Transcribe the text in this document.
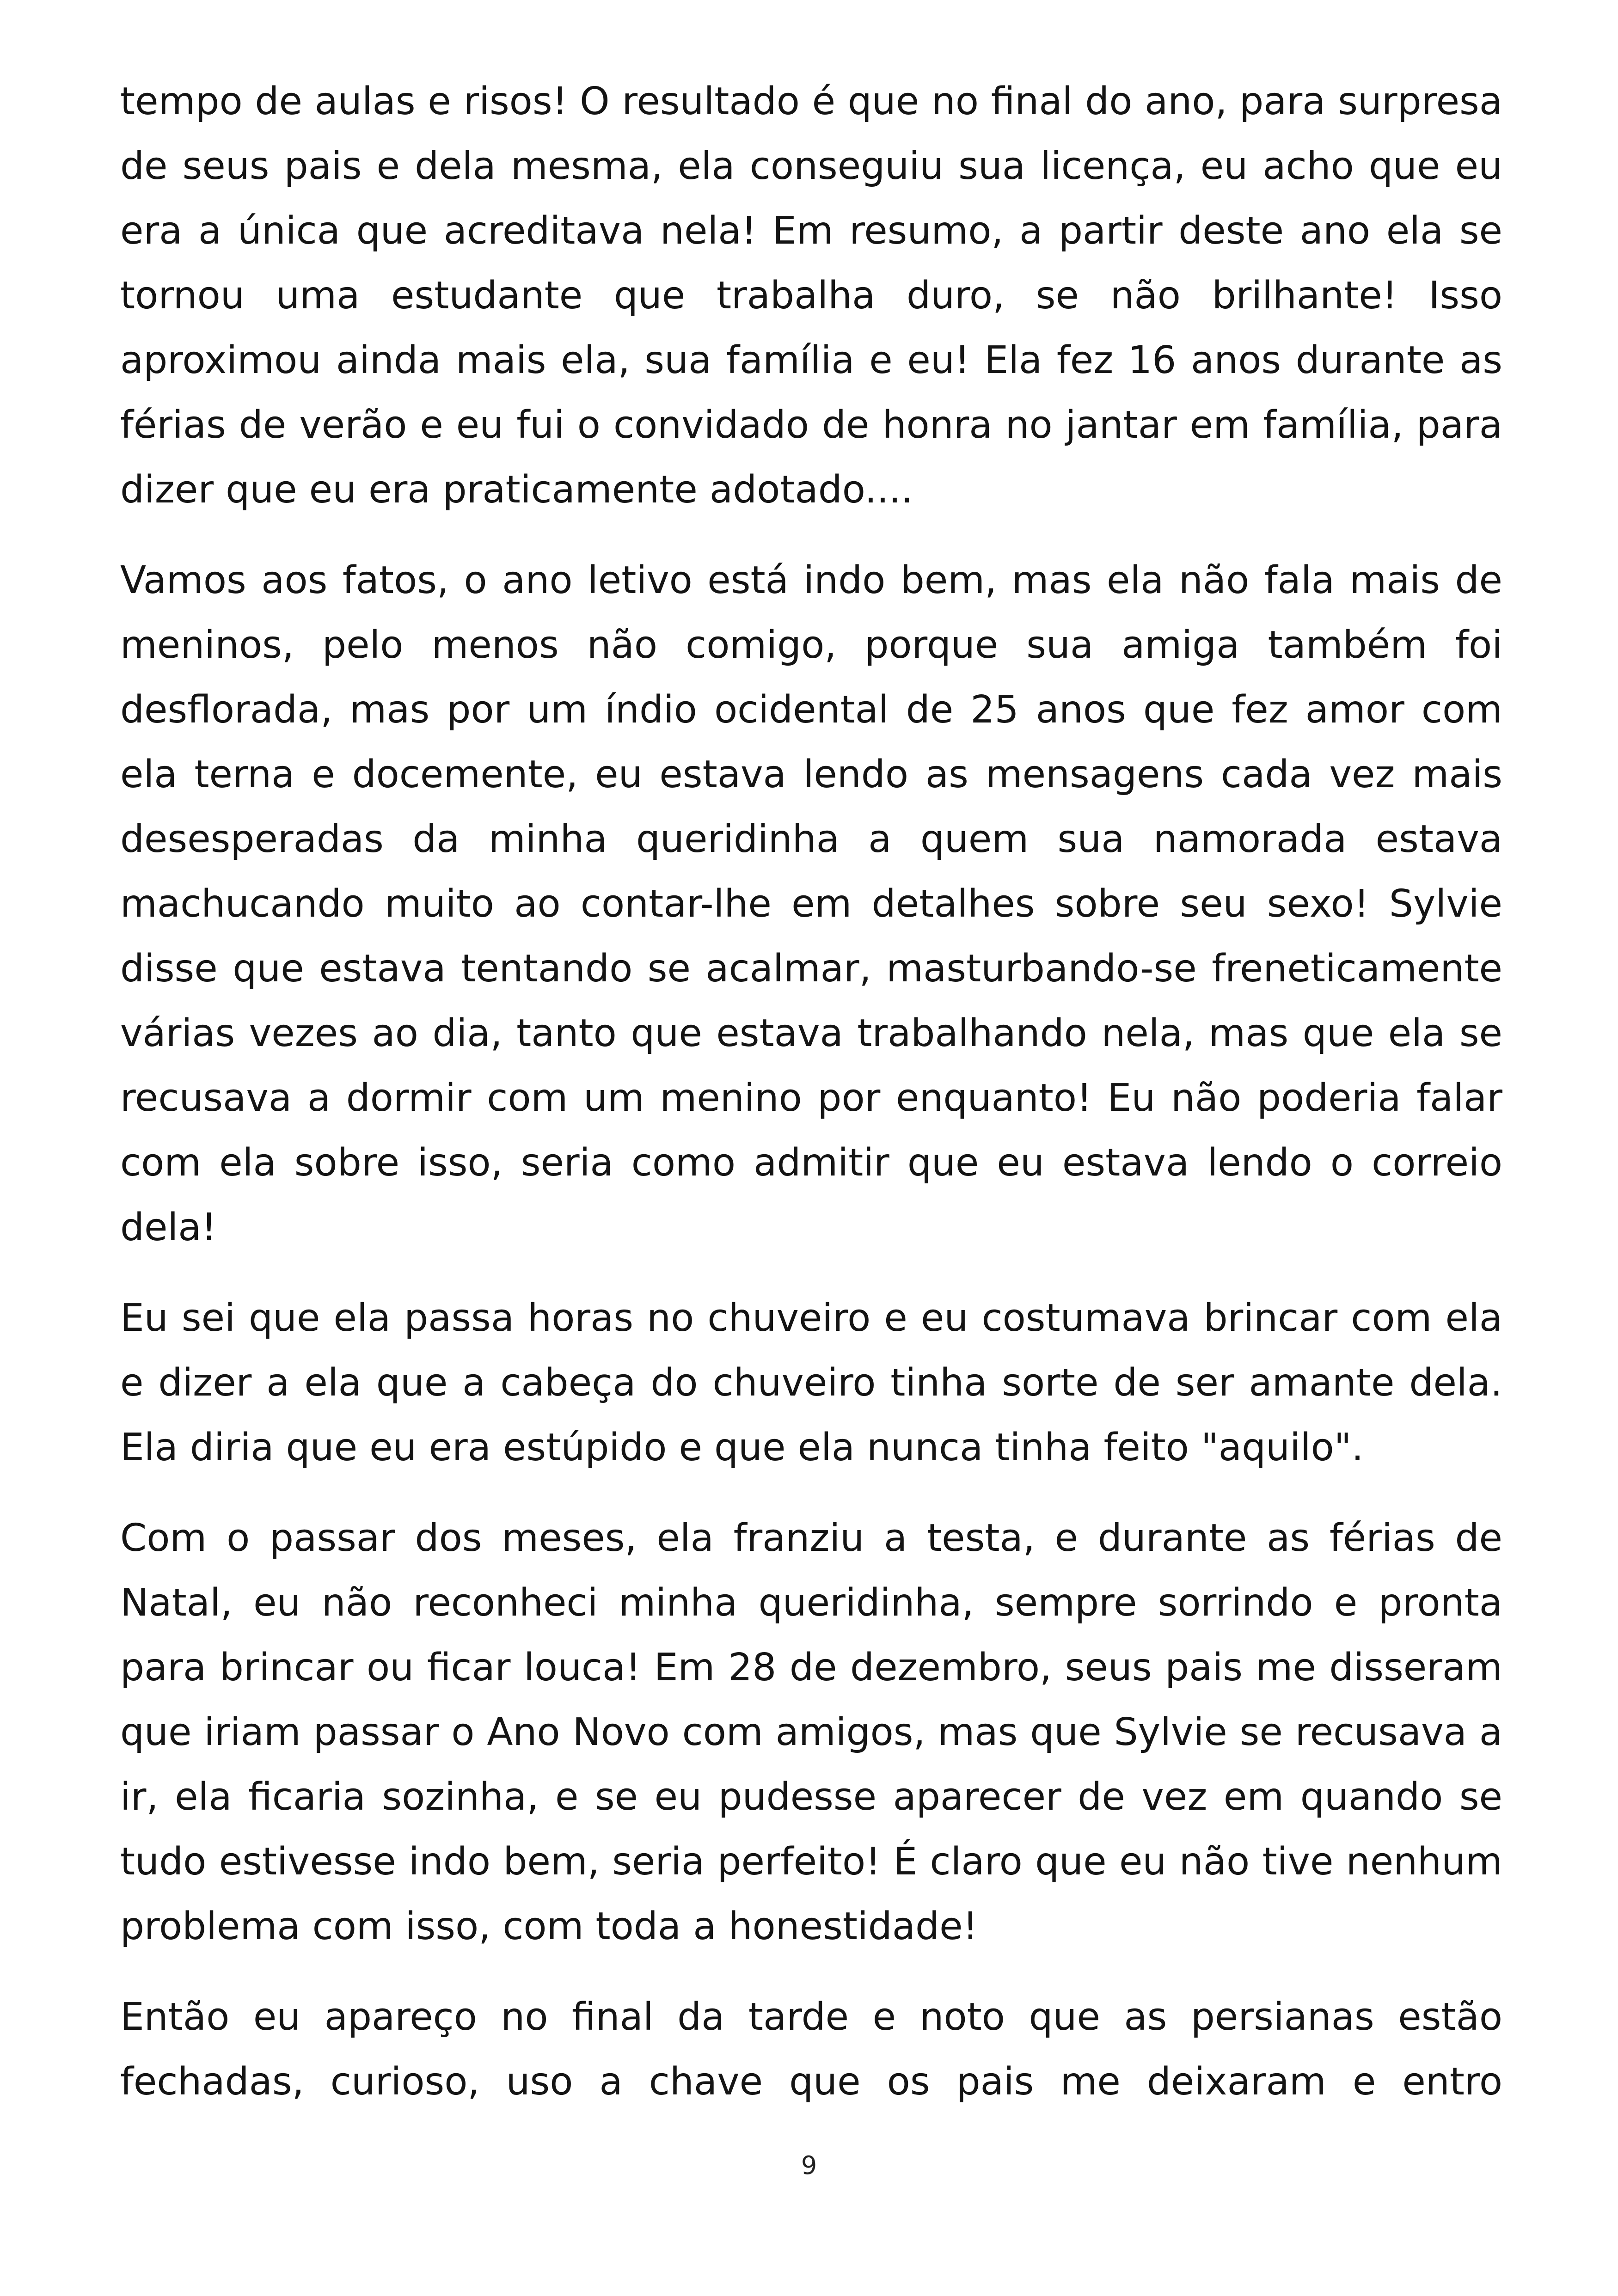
tempo de aulas e risos! O resultado é que no final do ano, para surpresa de seus pais e dela mesma, ela conseguiu sua licença, eu acho que eu era a única que acreditava nela! Em resumo, a partir deste ano ela se tornou uma estudante que trabalha duro, se não brilhante! Isso aproximou ainda mais ela, sua família e eu! Ela fez 16 anos durante as férias de verão e eu fui o convidado de honra no jantar em família, para dizer que eu era praticamente adotado....

Vamos aos fatos, o ano letivo está indo bem, mas ela não fala mais de meninos, pelo menos não comigo, porque sua amiga também foi desflorada, mas por um índio ocidental de 25 anos que fez amor com ela terna e docemente, eu estava lendo as mensagens cada vez mais desesperadas da minha queridinha a quem sua namorada estava machucando muito ao contar-lhe em detalhes sobre seu sexo! Sylvie disse que estava tentando se acalmar, masturbando-se freneticamente várias vezes ao dia, tanto que estava trabalhando nela, mas que ela se recusava a dormir com um menino por enquanto! Eu não poderia falar com ela sobre isso, seria como admitir que eu estava lendo o correio dela!

Eu sei que ela passa horas no chuveiro e eu costumava brincar com ela e dizer a ela que a cabeça do chuveiro tinha sorte de ser amante dela. Ela diria que eu era estúpido e que ela nunca tinha feito "aquilo".

Com o passar dos meses, ela franziu a testa, e durante as férias de Natal, eu não reconheci minha queridinha, sempre sorrindo e pronta para brincar ou ficar louca! Em 28 de dezembro, seus pais me disseram que iriam passar o Ano Novo com amigos, mas que Sylvie se recusava a ir, ela ficaria sozinha, e se eu pudesse aparecer de vez em quando se tudo estivesse indo bem, seria perfeito! É claro que eu não tive nenhum problema com isso, com toda a honestidade!

Então eu apareço no final da tarde e noto que as persianas estão fechadas, curioso, uso a chave que os pais me deixaram e entro

9
